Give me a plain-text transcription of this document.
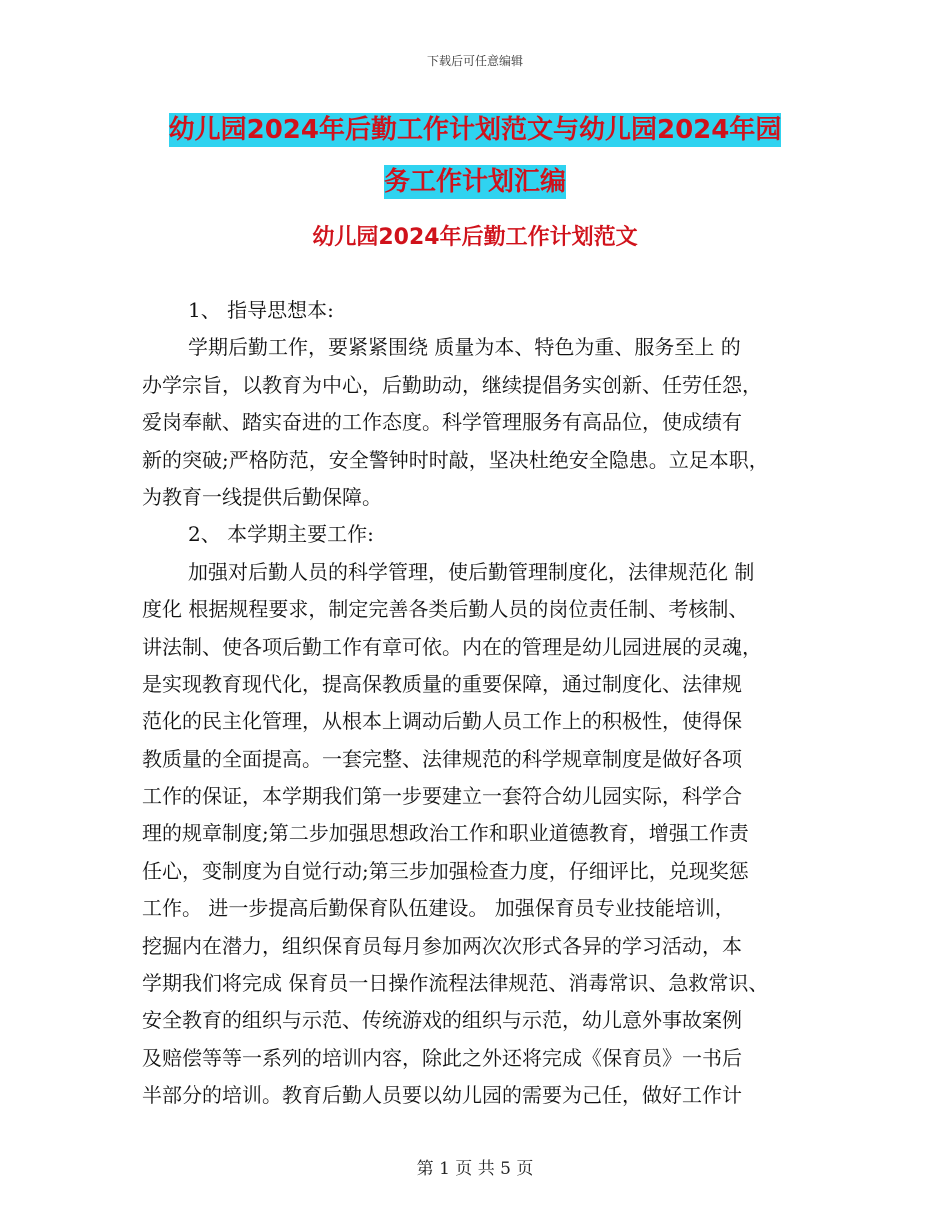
下载后可任意编辑
幼儿园2024年后勤工作计划范文与幼儿园2024年园
务工作计划汇编
幼儿园2024年后勤工作计划范文
1、 指导思想本:
学期后勤工作，要紧紧围绕 质量为本、特色为重、服务至上 的
办学宗旨，以教育为中心，后勤助动，继续提倡务实创新、任劳任怨，
爱岗奉献、踏实奋进的工作态度。科学管理服务有高品位，使成绩有
新的突破;严格防范，安全警钟时时敲，坚决杜绝安全隐患。立足本职，
为教育一线提供后勤保障。
2、 本学期主要工作:
加强对后勤人员的科学管理，使后勤管理制度化，法律规范化 制
度化 根据规程要求，制定完善各类后勤人员的岗位责任制、考核制、
讲法制、使各项后勤工作有章可依。内在的管理是幼儿园进展的灵魂，
是实现教育现代化，提高保教质量的重要保障，通过制度化、法律规
范化的民主化管理，从根本上调动后勤人员工作上的积极性，使得保
教质量的全面提高。一套完整、法律规范的科学规章制度是做好各项
工作的保证，本学期我们第一步要建立一套符合幼儿园实际，科学合
理的规章制度;第二步加强思想政治工作和职业道德教育，增强工作责
任心，变制度为自觉行动;第三步加强检查力度，仔细评比，兑现奖惩
工作。 进一步提高后勤保育队伍建设。 加强保育员专业技能培训，
挖掘内在潜力，组织保育员每月参加两次次形式各异的学习活动，本
学期我们将完成 保育员一日操作流程法律规范、消毒常识、急救常识、
安全教育的组织与示范、传统游戏的组织与示范，幼儿意外事故案例
及赔偿等等一系列的培训内容，除此之外还将完成《保育员》一书后
半部分的培训。教育后勤人员要以幼儿园的需要为己任，做好工作计
第 1 页 共 5 页
